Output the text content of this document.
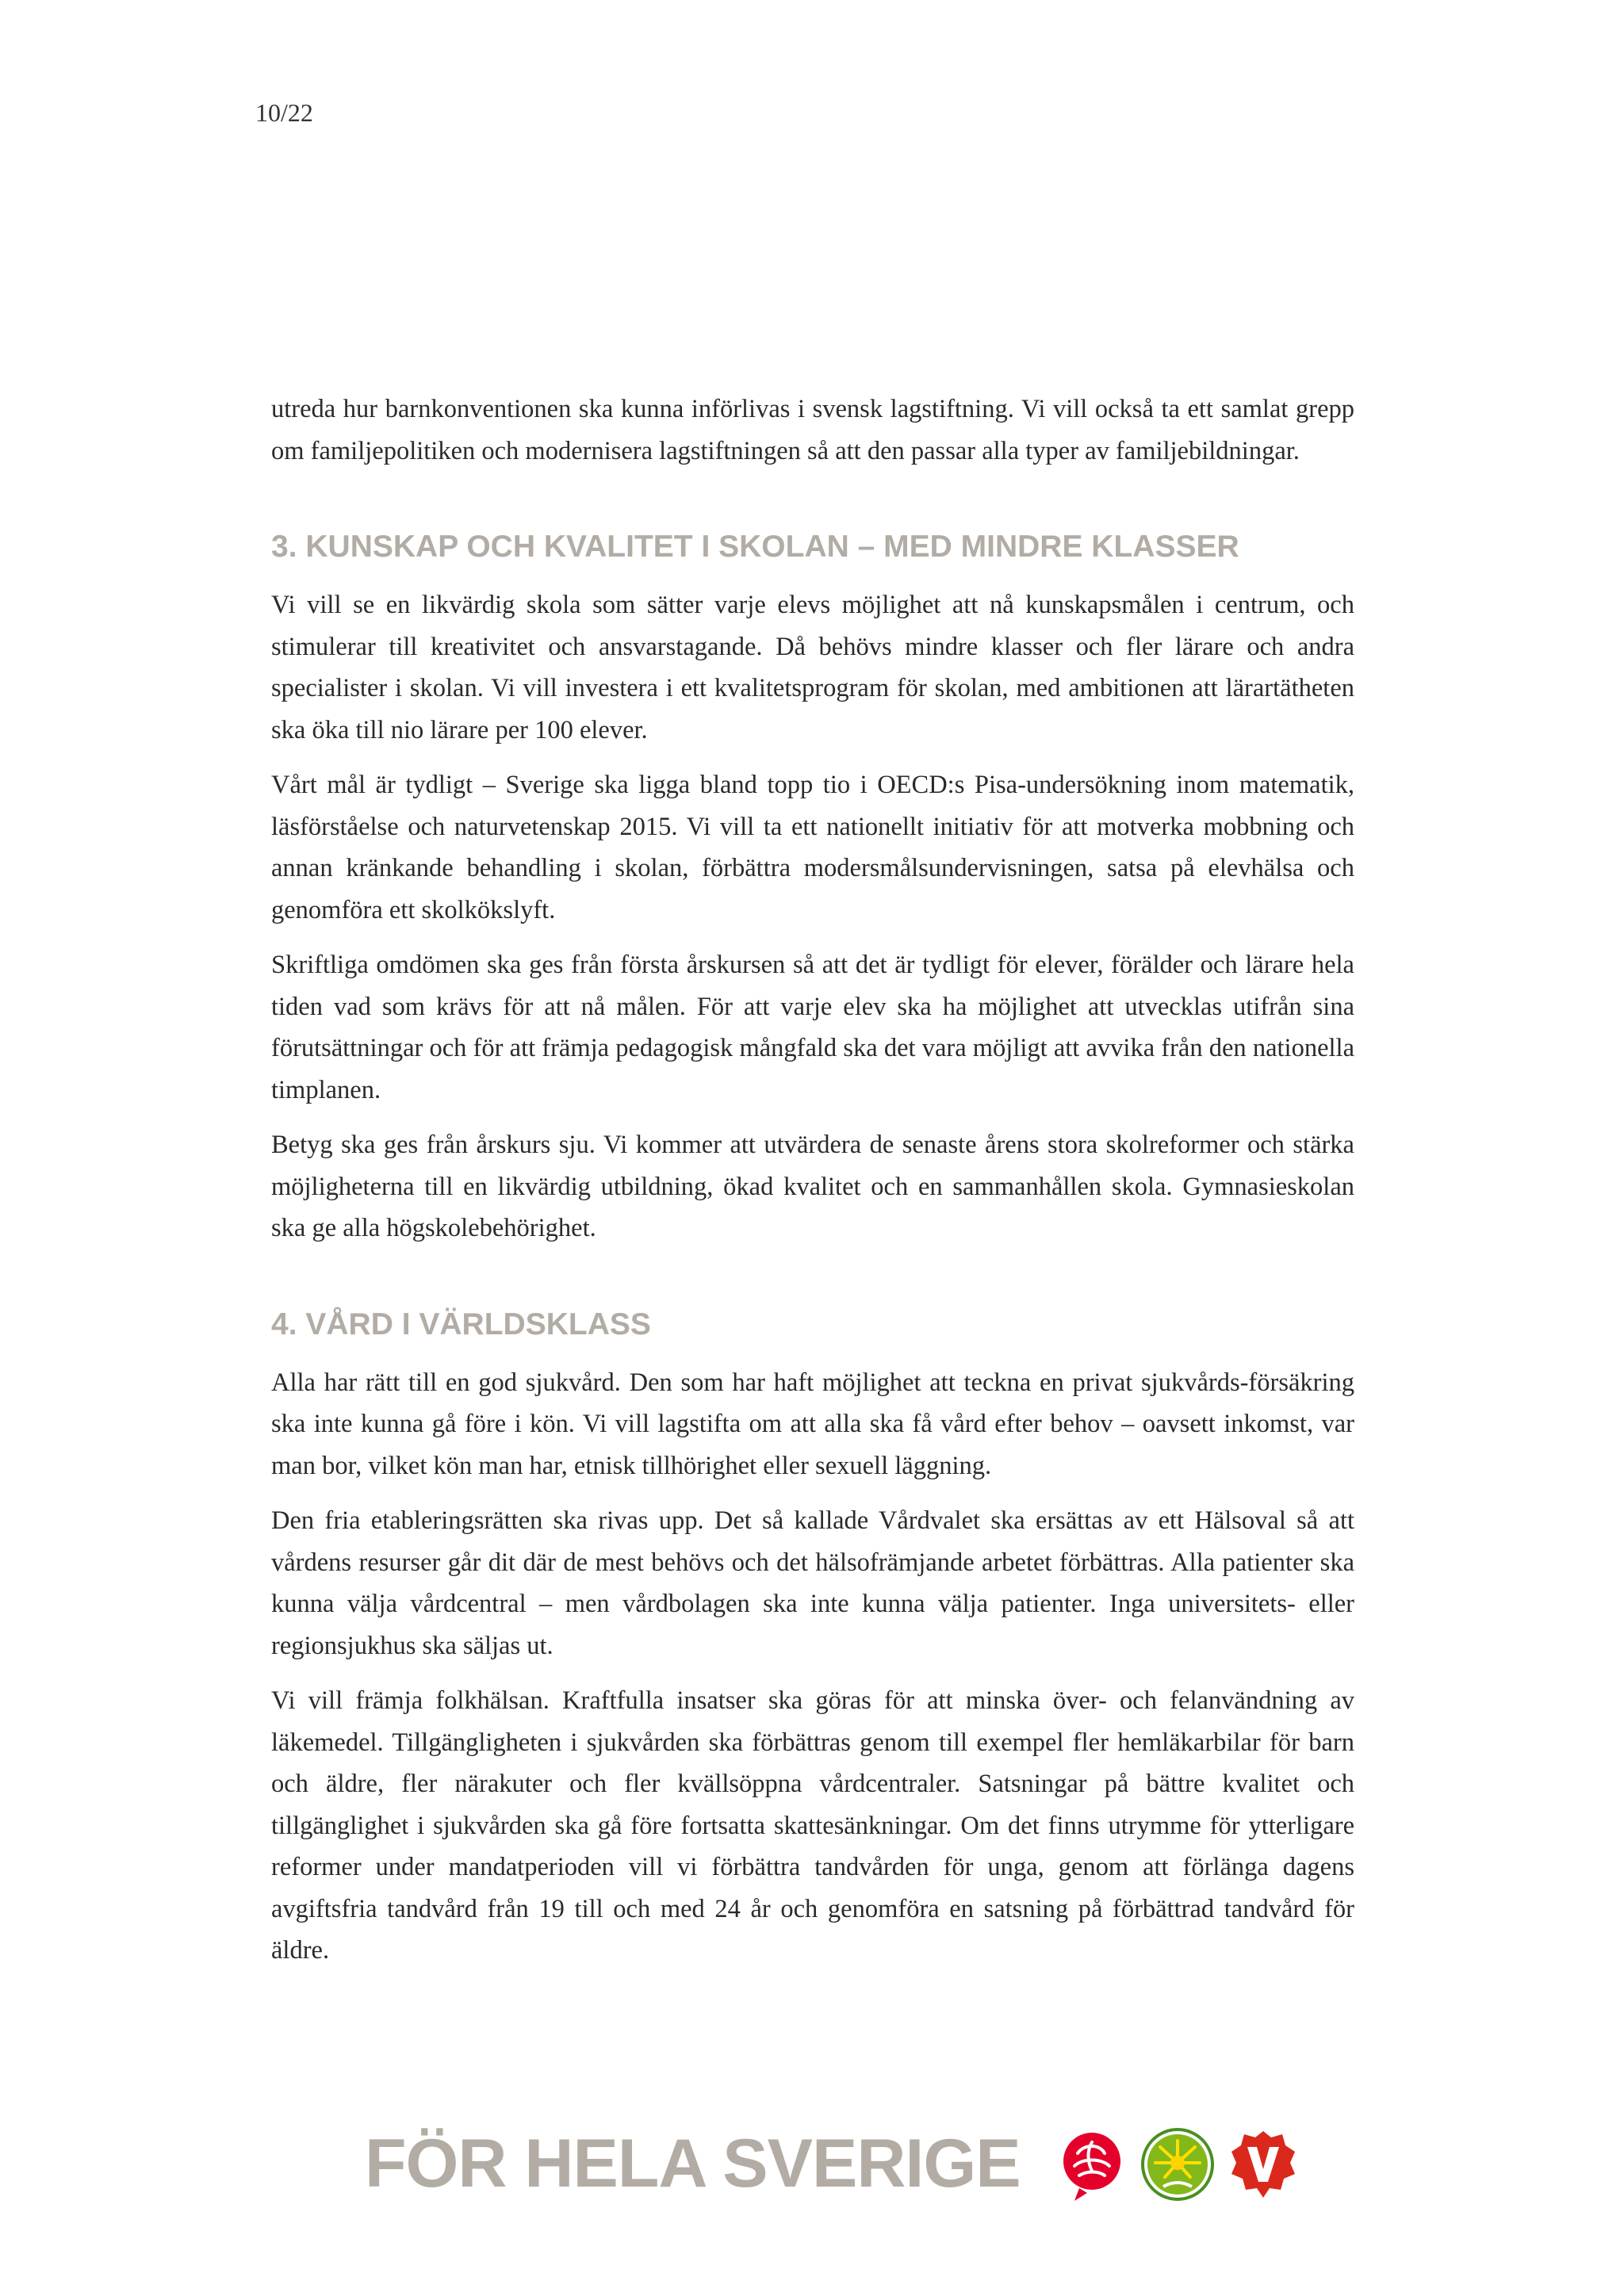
10/22

utreda hur barnkonventionen ska kunna införlivas i svensk lagstiftning. Vi vill också ta ett samlat grepp om familjepolitiken och modernisera lagstiftningen så att den passar alla typer av familjebildningar.

3. KUNSKAP OCH KVALITET I SKOLAN – MED MINDRE KLASSER

Vi vill se en likvärdig skola som sätter varje elevs möjlighet att nå kunskapsmålen i centrum, och stimulerar till kreativitet och ansvarstagande. Då behövs mindre klasser och fler lärare och andra specialister i skolan. Vi vill investera i ett kvalitetsprogram för skolan, med ambitionen att lärartätheten ska öka till nio lärare per 100 elever.

Vårt mål är tydligt – Sverige ska ligga bland topp tio i OECD:s Pisa-undersökning inom matematik, läsförståelse och naturvetenskap 2015. Vi vill ta ett nationellt initiativ för att motverka mobbning och annan kränkande behandling i skolan, förbättra modersmålsundervisningen, satsa på elevhälsa och genomföra ett skolkökslyft.

Skriftliga omdömen ska ges från första årskursen så att det är tydligt för elever, förälder och lärare hela tiden vad som krävs för att nå målen. För att varje elev ska ha möjlighet att utvecklas utifrån sina förutsättningar och för att främja pedagogisk mångfald ska det vara möjligt att avvika från den nationella timplanen.

Betyg ska ges från årskurs sju. Vi kommer att utvärdera de senaste årens stora skolreformer och stärka möjligheterna till en likvärdig utbildning, ökad kvalitet och en sammanhållen skola. Gymnasieskolan ska ge alla högskolebehörighet.

4. VÅRD I VÄRLDSKLASS

Alla har rätt till en god sjukvård. Den som har haft möjlighet att teckna en privat sjukvårds-försäkring ska inte kunna gå före i kön. Vi vill lagstifta om att alla ska få vård efter behov – oavsett inkomst, var man bor, vilket kön man har, etnisk tillhörighet eller sexuell läggning.

Den fria etableringsrätten ska rivas upp. Det så kallade Vårdvalet ska ersättas av ett Hälsoval så att vårdens resurser går dit där de mest behövs och det hälsofrämjande arbetet förbättras. Alla patienter ska kunna välja vårdcentral – men vårdbolagen ska inte kunna välja patienter. Inga universitets- eller regionsjukhus ska säljas ut.

Vi vill främja folkhälsan. Kraftfulla insatser ska göras för att minska över- och felanvändning av läkemedel. Tillgängligheten i sjukvården ska förbättras genom till exempel fler hemläkarbilar för barn och äldre, fler närakuter och fler kvällsöppna vårdcentraler. Satsningar på bättre kvalitet och tillgänglighet i sjukvården ska gå före fortsatta skattesänkningar. Om det finns utrymme för ytterligare reformer under mandatperioden vill vi förbättra tandvården för unga, genom att förlänga dagens avgiftsfria tandvård från 19 till och med 24 år och genomföra en satsning på förbättrad tandvård för äldre.

FÖR HELA SVERIGE
